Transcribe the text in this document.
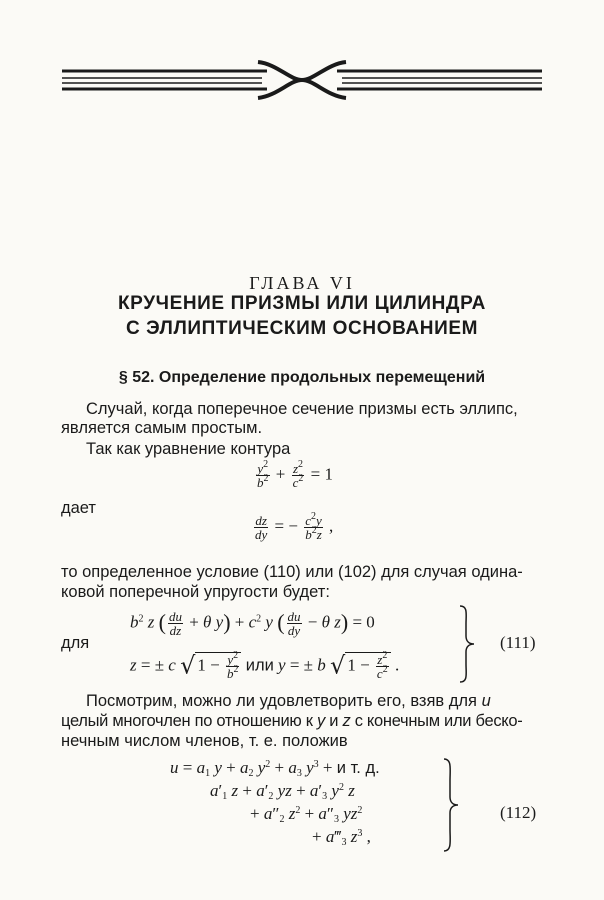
ГЛАВА VI
КРУЧЕНИЕ ПРИЗМЫ ИЛИ ЦИЛИНДРА
С ЭЛЛИПТИЧЕСКИМ ОСНОВАНИЕМ
§ 52. Определение продольных перемещений
Случай, когда поперечное сечение призмы есть эллипс,
является самым простым.
Так как уравнение контура
$\frac{y^2}{b^2} + \frac{z^2}{c^2} = 1$
дает
$\frac{dz}{dy}$ = − $\frac{c^2y}{b^2z}$ ,
то определенное условие (110) или (102) для случая одина-
ковой поперечной упругости будет:
$b^2$ z ( $\frac{du}{dz} + \theta$ $y) + c^2$ y ( $\frac{du}{dy} - \theta$ z) = 0
для
z = ± c √ $1 - \frac{y^2}{b^2}$ или y = ± b √ $1 - \frac{z^2}{c^2}$ .
(111)
Посмотрим, можно ли удовлетворить его, взяв для u
целый многочлен по отношению к y и z с конечным или беско-
нечным числом членов, т. е. положив
$u = a_1$ $y + a_2$ $y^2 + a_3$ $y^3 + и$ т. д.
$a'_1$ $z + a'_2$ yz + $a'_3$ $y^2$ z
+ $a''_2$ $z^2 + a''_3$ $yz^2$
+ $a‴_3$ $z^3$ ,
(112)
